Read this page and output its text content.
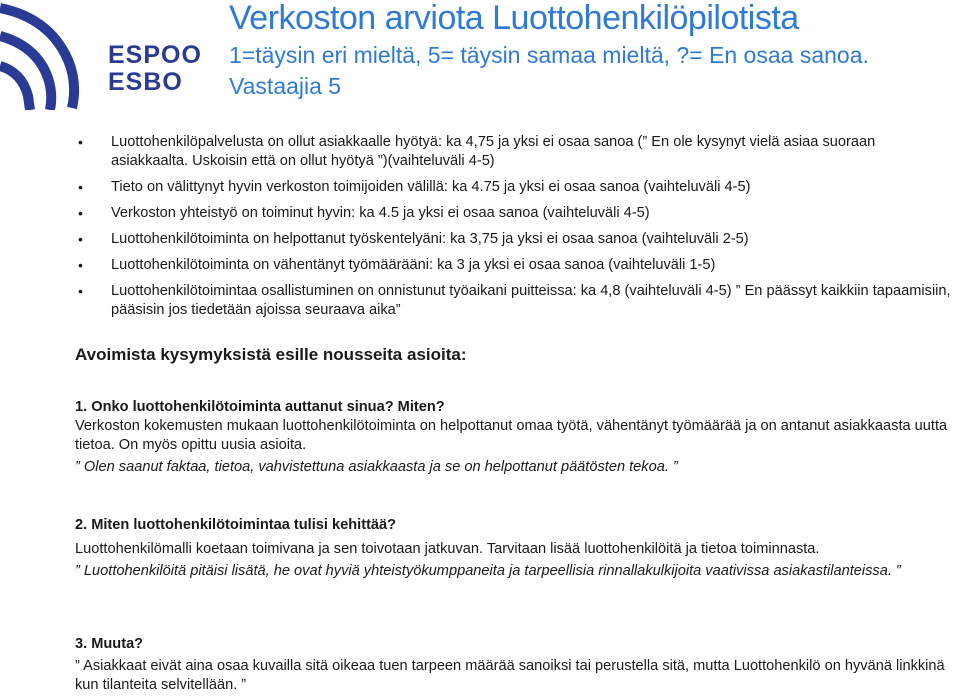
ESPOO
ESBO
Verkoston arviota Luottohenkilöpilotista
1=täysin eri mieltä, 5= täysin samaa mieltä, ?= En osaa sanoa.
Vastaajia 5
• Luottohenkilöpalvelusta on ollut asiakkaalle hyötyä: ka 4,75 ja yksi ei osaa sanoa (” En ole kysynyt vielä asiaa suoraan asiakkaalta. Uskoisin että on ollut hyötyä ”)(vaihteluväli 4-5)
• Tieto on välittynyt hyvin verkoston toimijoiden välillä: ka 4.75 ja yksi ei osaa sanoa (vaihteluväli 4-5)
• Verkoston yhteistyö on toiminut hyvin: ka 4.5 ja yksi ei osaa sanoa (vaihteluväli 4-5)
• Luottohenkilötoiminta on helpottanut työskentelyäni: ka 3,75 ja yksi ei osaa sanoa (vaihteluväli 2-5)
• Luottohenkilötoiminta on vähentänyt työmäärääni: ka 3 ja yksi ei osaa sanoa (vaihteluväli 1-5)
• Luottohenkilötoimintaa osallistuminen on onnistunut työaikani puitteissa: ka 4,8 (vaihteluväli 4-5) ” En päässyt kaikkiin tapaamisiin, pääsisin jos tiedetään ajoissa seuraava aika”
Avoimista kysymyksistä esille nousseita asioita:
1. Onko luottohenkilötoiminta auttanut sinua? Miten?
Verkoston kokemusten mukaan luottohenkilötoiminta on helpottanut omaa työtä, vähentänyt työmäärää ja on antanut asiakkaasta uutta tietoa. On myös opittu uusia asioita.
” Olen saanut faktaa, tietoa, vahvistettuna asiakkaasta ja se on helpottanut päätösten tekoa. ”
2. Miten luottohenkilötoimintaa tulisi kehittää?
Luottohenkilömalli koetaan toimivana ja sen toivotaan jatkuvan. Tarvitaan lisää luottohenkilöitä ja tietoa toiminnasta.
” Luottohenkilöitä pitäisi lisätä, he ovat hyviä yhteistyökumppaneita ja tarpeellisia rinnallakulkijoita vaativissa asiakastilanteissa. ”
3. Muuta?
” Asiakkaat eivät aina osaa kuvailla sitä oikeaa tuen tarpeen määrää sanoiksi tai perustella sitä, mutta Luottohenkilö on hyvänä linkkinä kun tilanteita selvitellään. ”
